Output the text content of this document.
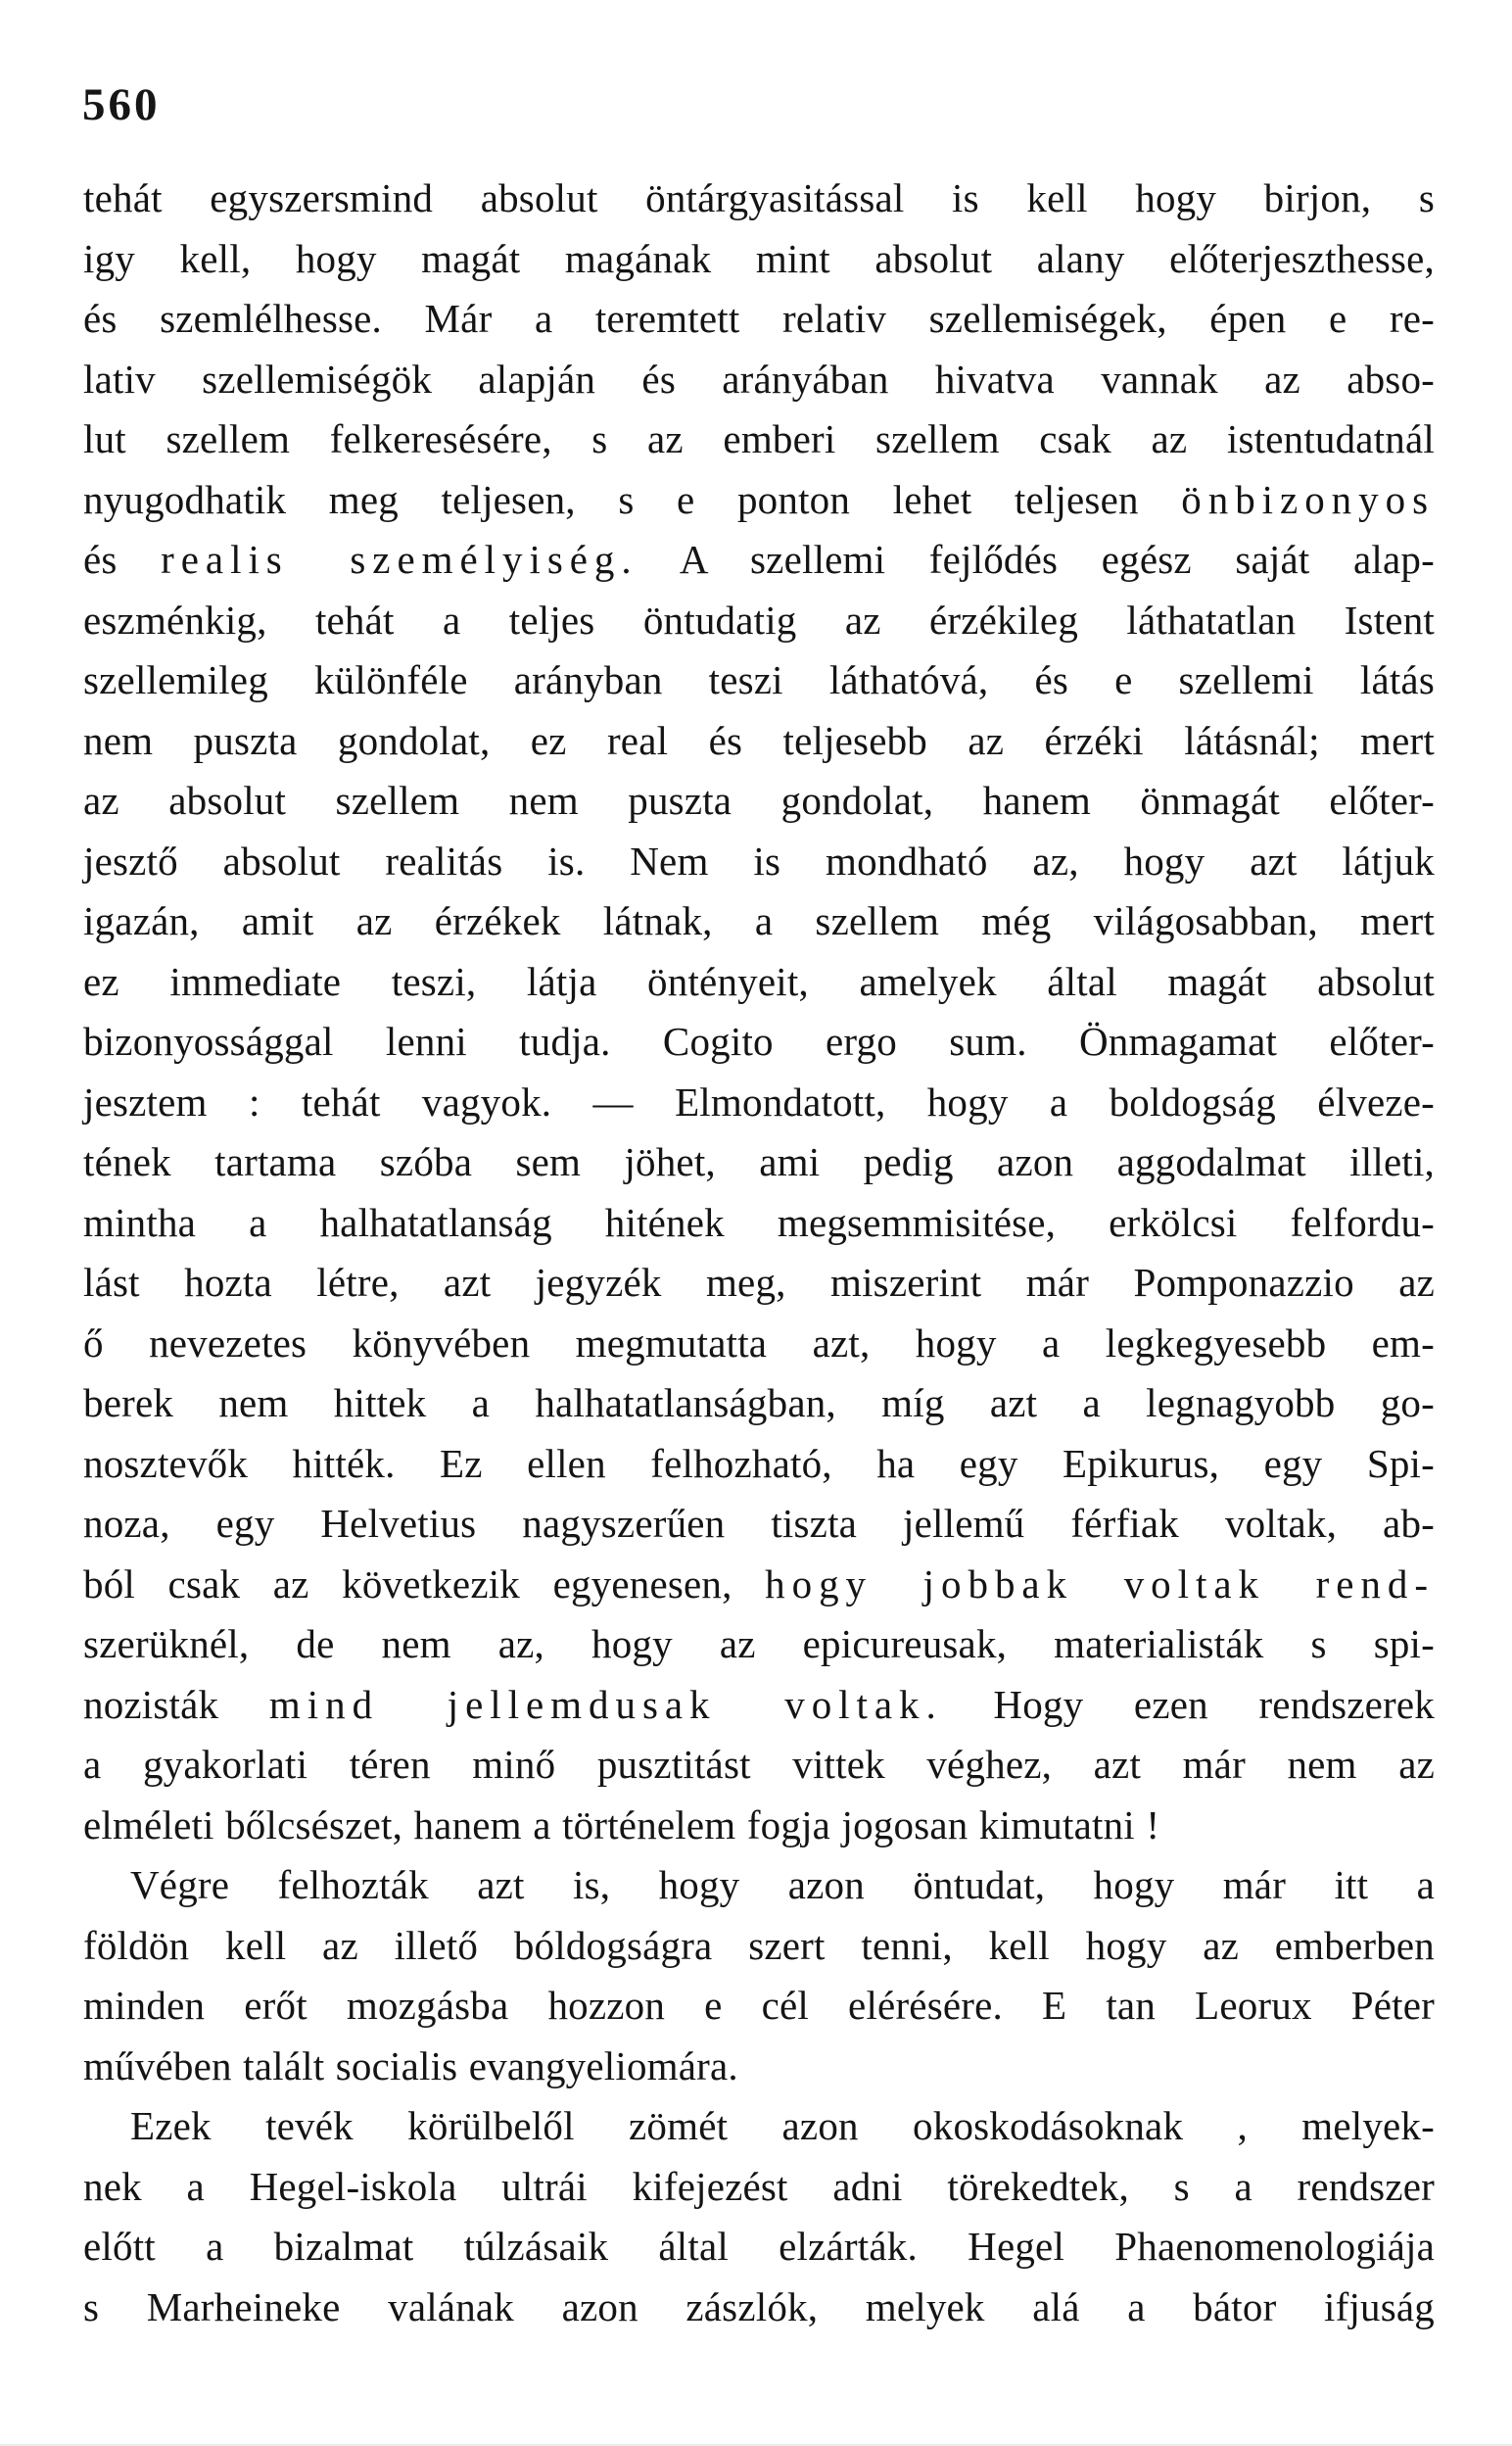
560
tehát egyszersmind absolut öntárgyasitással is kell hogy birjon, s
igy kell, hogy magát magának mint absolut alany előterjeszthesse,
és szemlélhesse. Már a teremtett relativ szellemiségek, épen e re-
lativ szellemiségök alapján és arányában hivatva vannak az abso-
lut szellem felkeresésére, s az emberi szellem csak az istentudatnál
nyugodhatik meg teljesen, s e ponton lehet teljesen önbizonyos
és realis személyiség. A szellemi fejlődés egész saját alap-
eszménkig, tehát a teljes öntudatig az érzékileg láthatatlan Istent
szellemileg különféle arányban teszi láthatóvá, és e szellemi látás
nem puszta gondolat, ez real és teljesebb az érzéki látásnál; mert
az absolut szellem nem puszta gondolat, hanem önmagát előter-
jesztő absolut realitás is. Nem is mondható az, hogy azt látjuk
igazán, amit az érzékek látnak, a szellem még világosabban, mert
ez immediate teszi, látja öntényeit, amelyek által magát absolut
bizonyossággal lenni tudja. Cogito ergo sum. Önmagamat előter-
jesztem : tehát vagyok. — Elmondatott, hogy a boldogság élveze-
tének tartama szóba sem jöhet, ami pedig azon aggodalmat illeti,
mintha a halhatatlanság hitének megsemmisitése, erkölcsi felfordu-
lást hozta létre, azt jegyzék meg, miszerint már Pomponazzio az
ő nevezetes könyvében megmutatta azt, hogy a legkegyesebb em-
berek nem hittek a halhatatlanságban, míg azt a legnagyobb go-
nosztevők hitték. Ez ellen felhozható, ha egy Epikurus, egy Spi-
noza, egy Helvetius nagyszerűen tiszta jellemű férfiak voltak, ab-
ból csak az következik egyenesen, hogy jobbak voltak rend-
szerüknél, de nem az, hogy az epicureusak, materialisták s spi-
nozisták mind jellemdusak voltak. Hogy ezen rendszerek
a gyakorlati téren minő pusztitást vittek véghez, azt már nem az
elméleti bőlcsészet, hanem a történelem fogja jogosan kimutatni !
Végre felhozták azt is, hogy azon öntudat, hogy már itt a
földön kell az illető bóldogságra szert tenni, kell hogy az emberben
minden erőt mozgásba hozzon e cél elérésére. E tan Leorux Péter
művében talált socialis evangyeliomára.
Ezek tevék körülbelől zömét azon okoskodásoknak , melyek-
nek a Hegel-iskola ultrái kifejezést adni törekedtek, s a rendszer
előtt a bizalmat túlzásaik által elzárták. Hegel Phaenomenologiája
s Marheineke valának azon zászlók, melyek alá a bátor ifjuság
